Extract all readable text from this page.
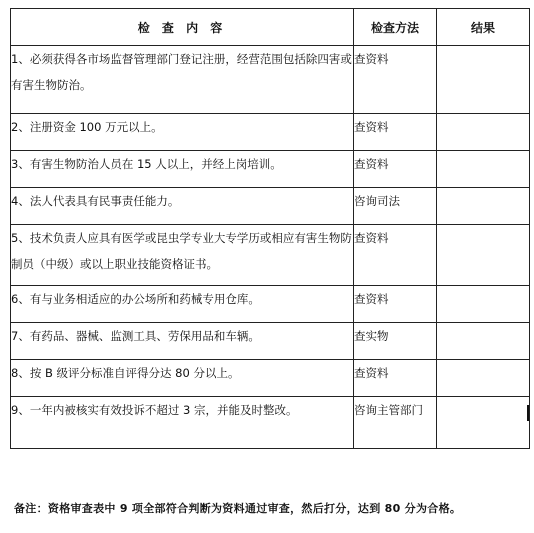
检 查 内 容	检查方法	结果
1、必须获得各市场监督管理部门登记注册，经营范围包括除四害或有害生物防治。	查资料	
2、注册资金 100 万元以上。	查资料	
3、有害生物防治人员在 15 人以上，并经上岗培训。	查资料	
4、法人代表具有民事责任能力。	咨询司法	
5、技术负责人应具有医学或昆虫学专业大专学历或相应有害生物防制员（中级）或以上职业技能资格证书。	查资料	
6、有与业务相适应的办公场所和药械专用仓库。	查资料	
7、有药品、器械、监测工具、劳保用品和车辆。	查实物	
8、按 B 级评分标准自评得分达 80 分以上。	查资料	
9、一年内被核实有效投诉不超过 3 宗，并能及时整改。	咨询主管部门	
备注：资格审查表中 9 项全部符合判断为资料通过审查，然后打分，达到 80 分为合格。
